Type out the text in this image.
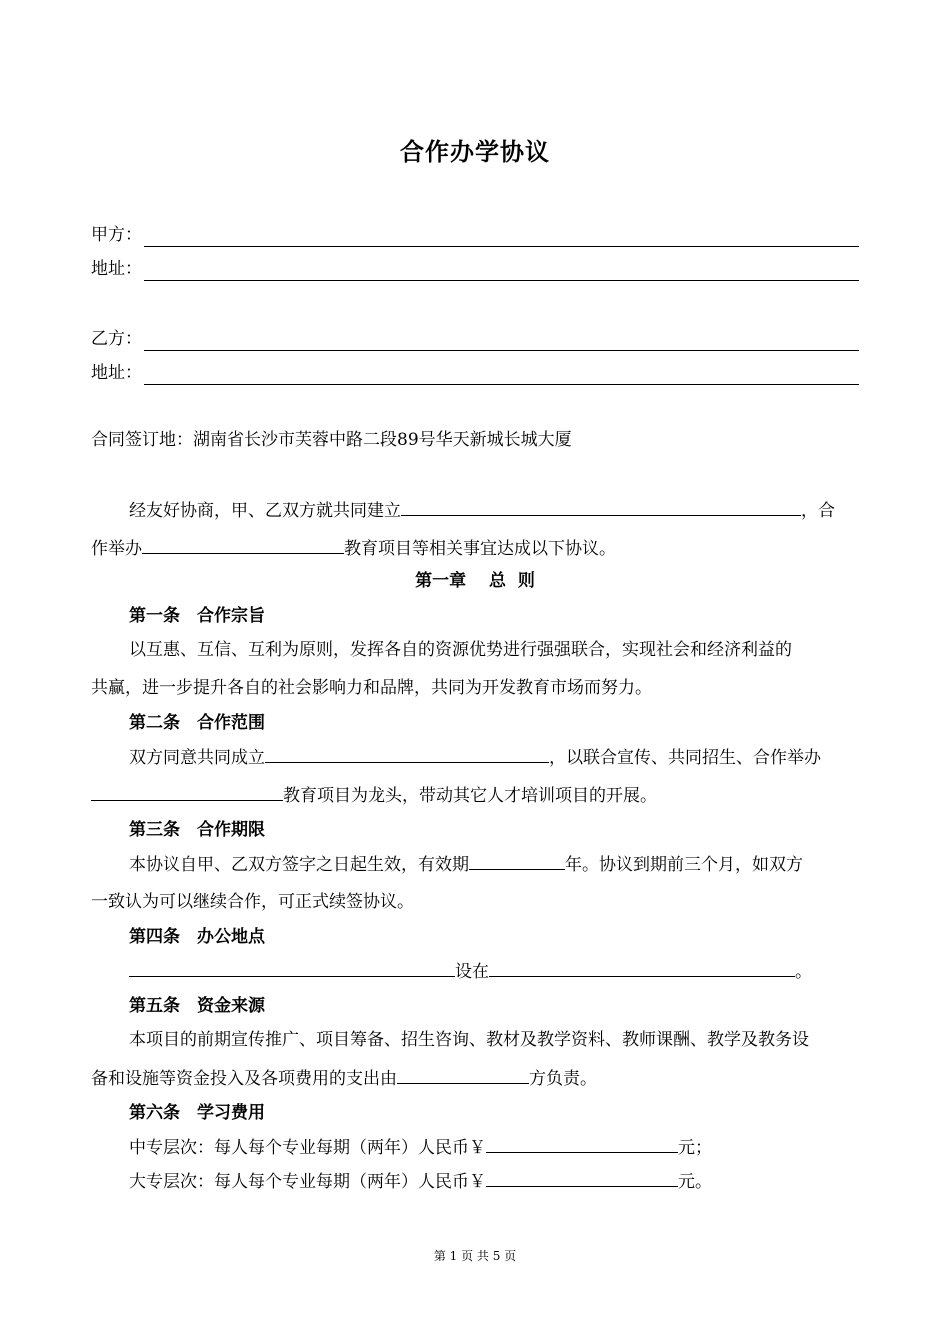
合作办学协议
甲方：
地址：
乙方：
地址：
合同签订地：湖南省长沙市芙蓉中路二段89号华天新城长城大厦
经友好协商，甲、乙双方就共同建立	，合
作举办	教育项目等相关事宜达成以下协议。
第一章　 总  则
第一条　合作宗旨
以互惠、互信、互利为原则，发挥各自的资源优势进行强强联合，实现社会和经济利益的
共赢，进一步提升各自的社会影响力和品牌，共同为开发教育市场而努力。
第二条　合作范围
双方同意共同成立	，以联合宣传、共同招生、合作举办
教育项目为龙头，带动其它人才培训项目的开展。
第三条　合作期限
本协议自甲、乙双方签字之日起生效，有效期	年。协议到期前三个月，如双方
一致认为可以继续合作，可正式续签协议。
第四条　办公地点
设在	。
第五条　资金来源
本项目的前期宣传推广、项目筹备、招生咨询、教材及教学资料、教师课酬、教学及教务设
备和设施等资金投入及各项费用的支出由	方负责。
第六条　学习费用
中专层次：每人每个专业每期（两年）人民币￥	元；
大专层次：每人每个专业每期（两年）人民币￥	元。
第 1 页 共 5 页
